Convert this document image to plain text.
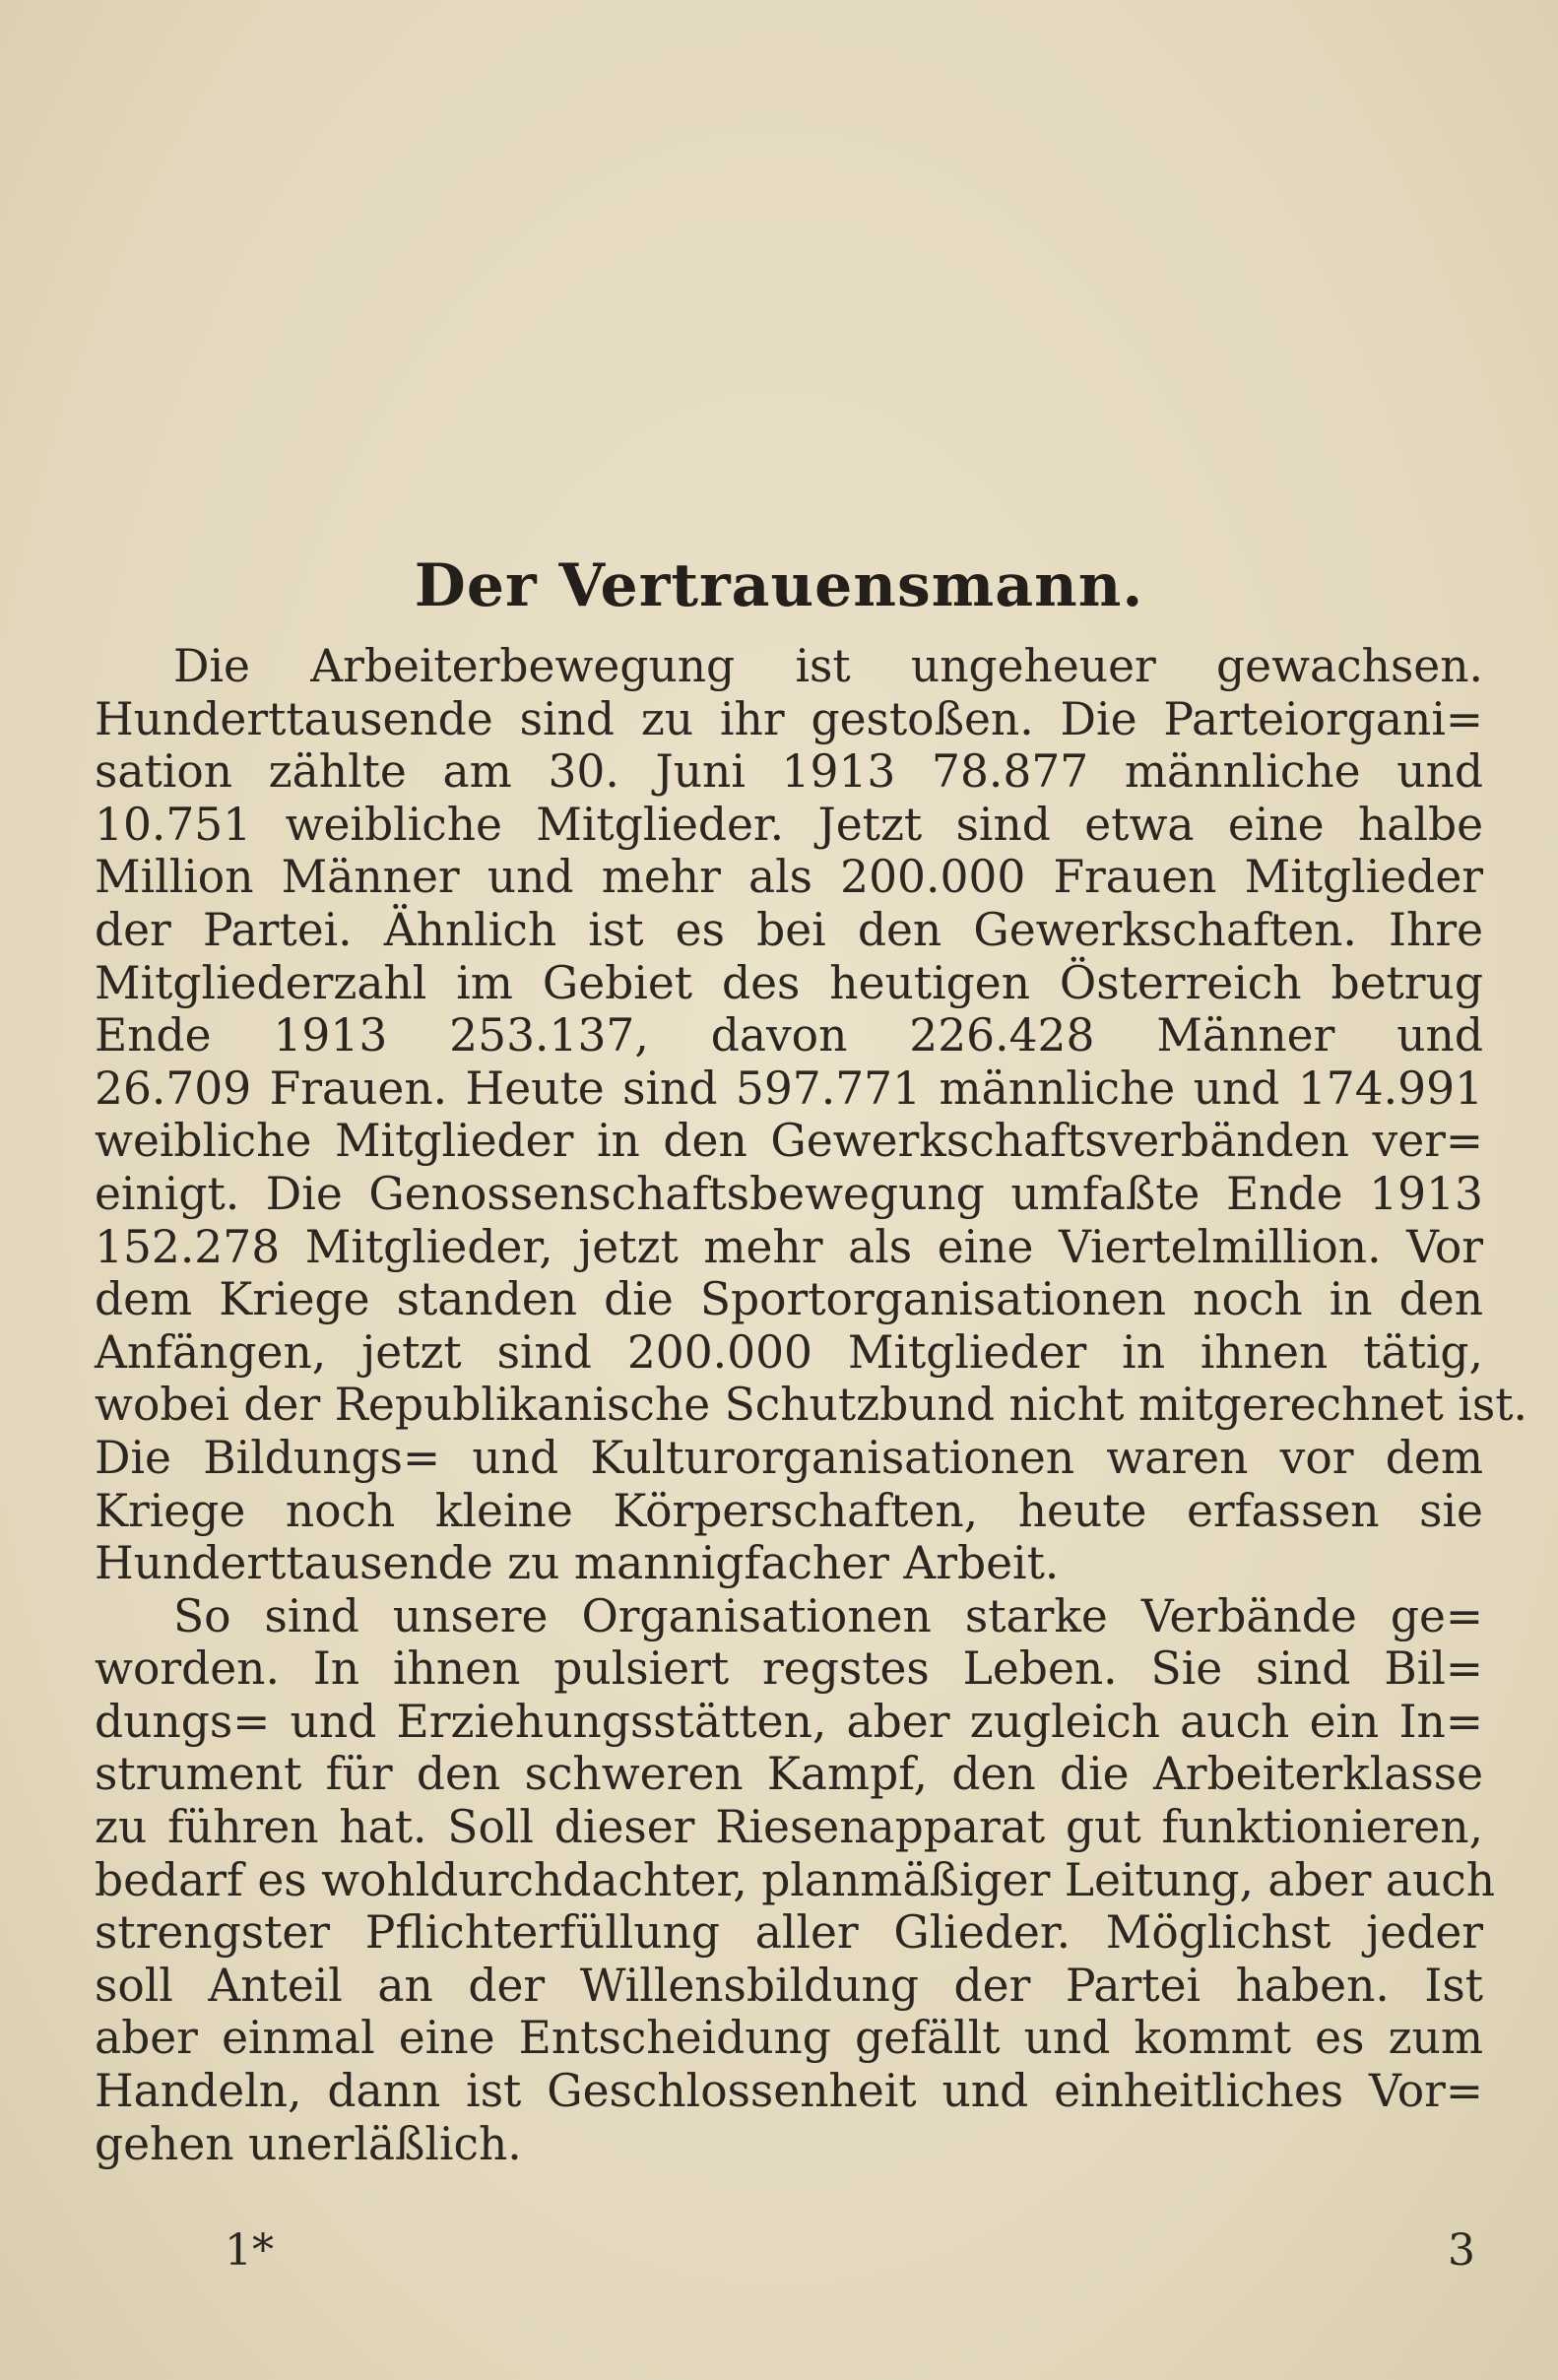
Der Vertrauensmann.
Die Arbeiterbewegung ist ungeheuer gewachsen.
Hunderttausende sind zu ihr gestoßen. Die Parteiorgani=
sation zählte am 30. Juni 1913 78.877 männliche und
10.751 weibliche Mitglieder. Jetzt sind etwa eine halbe
Million Männer und mehr als 200.000 Frauen Mitglieder
der Partei. Ähnlich ist es bei den Gewerkschaften. Ihre
Mitgliederzahl im Gebiet des heutigen Österreich betrug
Ende 1913 253.137, davon 226.428 Männer und
26.709 Frauen. Heute sind 597.771 männliche und 174.991
weibliche Mitglieder in den Gewerkschaftsverbänden ver=
einigt. Die Genossenschaftsbewegung umfaßte Ende 1913
152.278 Mitglieder, jetzt mehr als eine Viertelmillion. Vor
dem Kriege standen die Sportorganisationen noch in den
Anfängen, jetzt sind 200.000 Mitglieder in ihnen tätig,
wobei der Republikanische Schutzbund nicht mitgerechnet ist.
Die Bildungs= und Kulturorganisationen waren vor dem
Kriege noch kleine Körperschaften, heute erfassen sie
Hunderttausende zu mannigfacher Arbeit.
So sind unsere Organisationen starke Verbände ge=
worden. In ihnen pulsiert regstes Leben. Sie sind Bil=
dungs= und Erziehungsstätten, aber zugleich auch ein In=
strument für den schweren Kampf, den die Arbeiterklasse
zu führen hat. Soll dieser Riesenapparat gut funktionieren,
bedarf es wohldurchdachter, planmäßiger Leitung, aber auch
strengster Pflichterfüllung aller Glieder. Möglichst jeder
soll Anteil an der Willensbildung der Partei haben. Ist
aber einmal eine Entscheidung gefällt und kommt es zum
Handeln, dann ist Geschlossenheit und einheitliches Vor=
gehen unerläßlich.
1*	3
